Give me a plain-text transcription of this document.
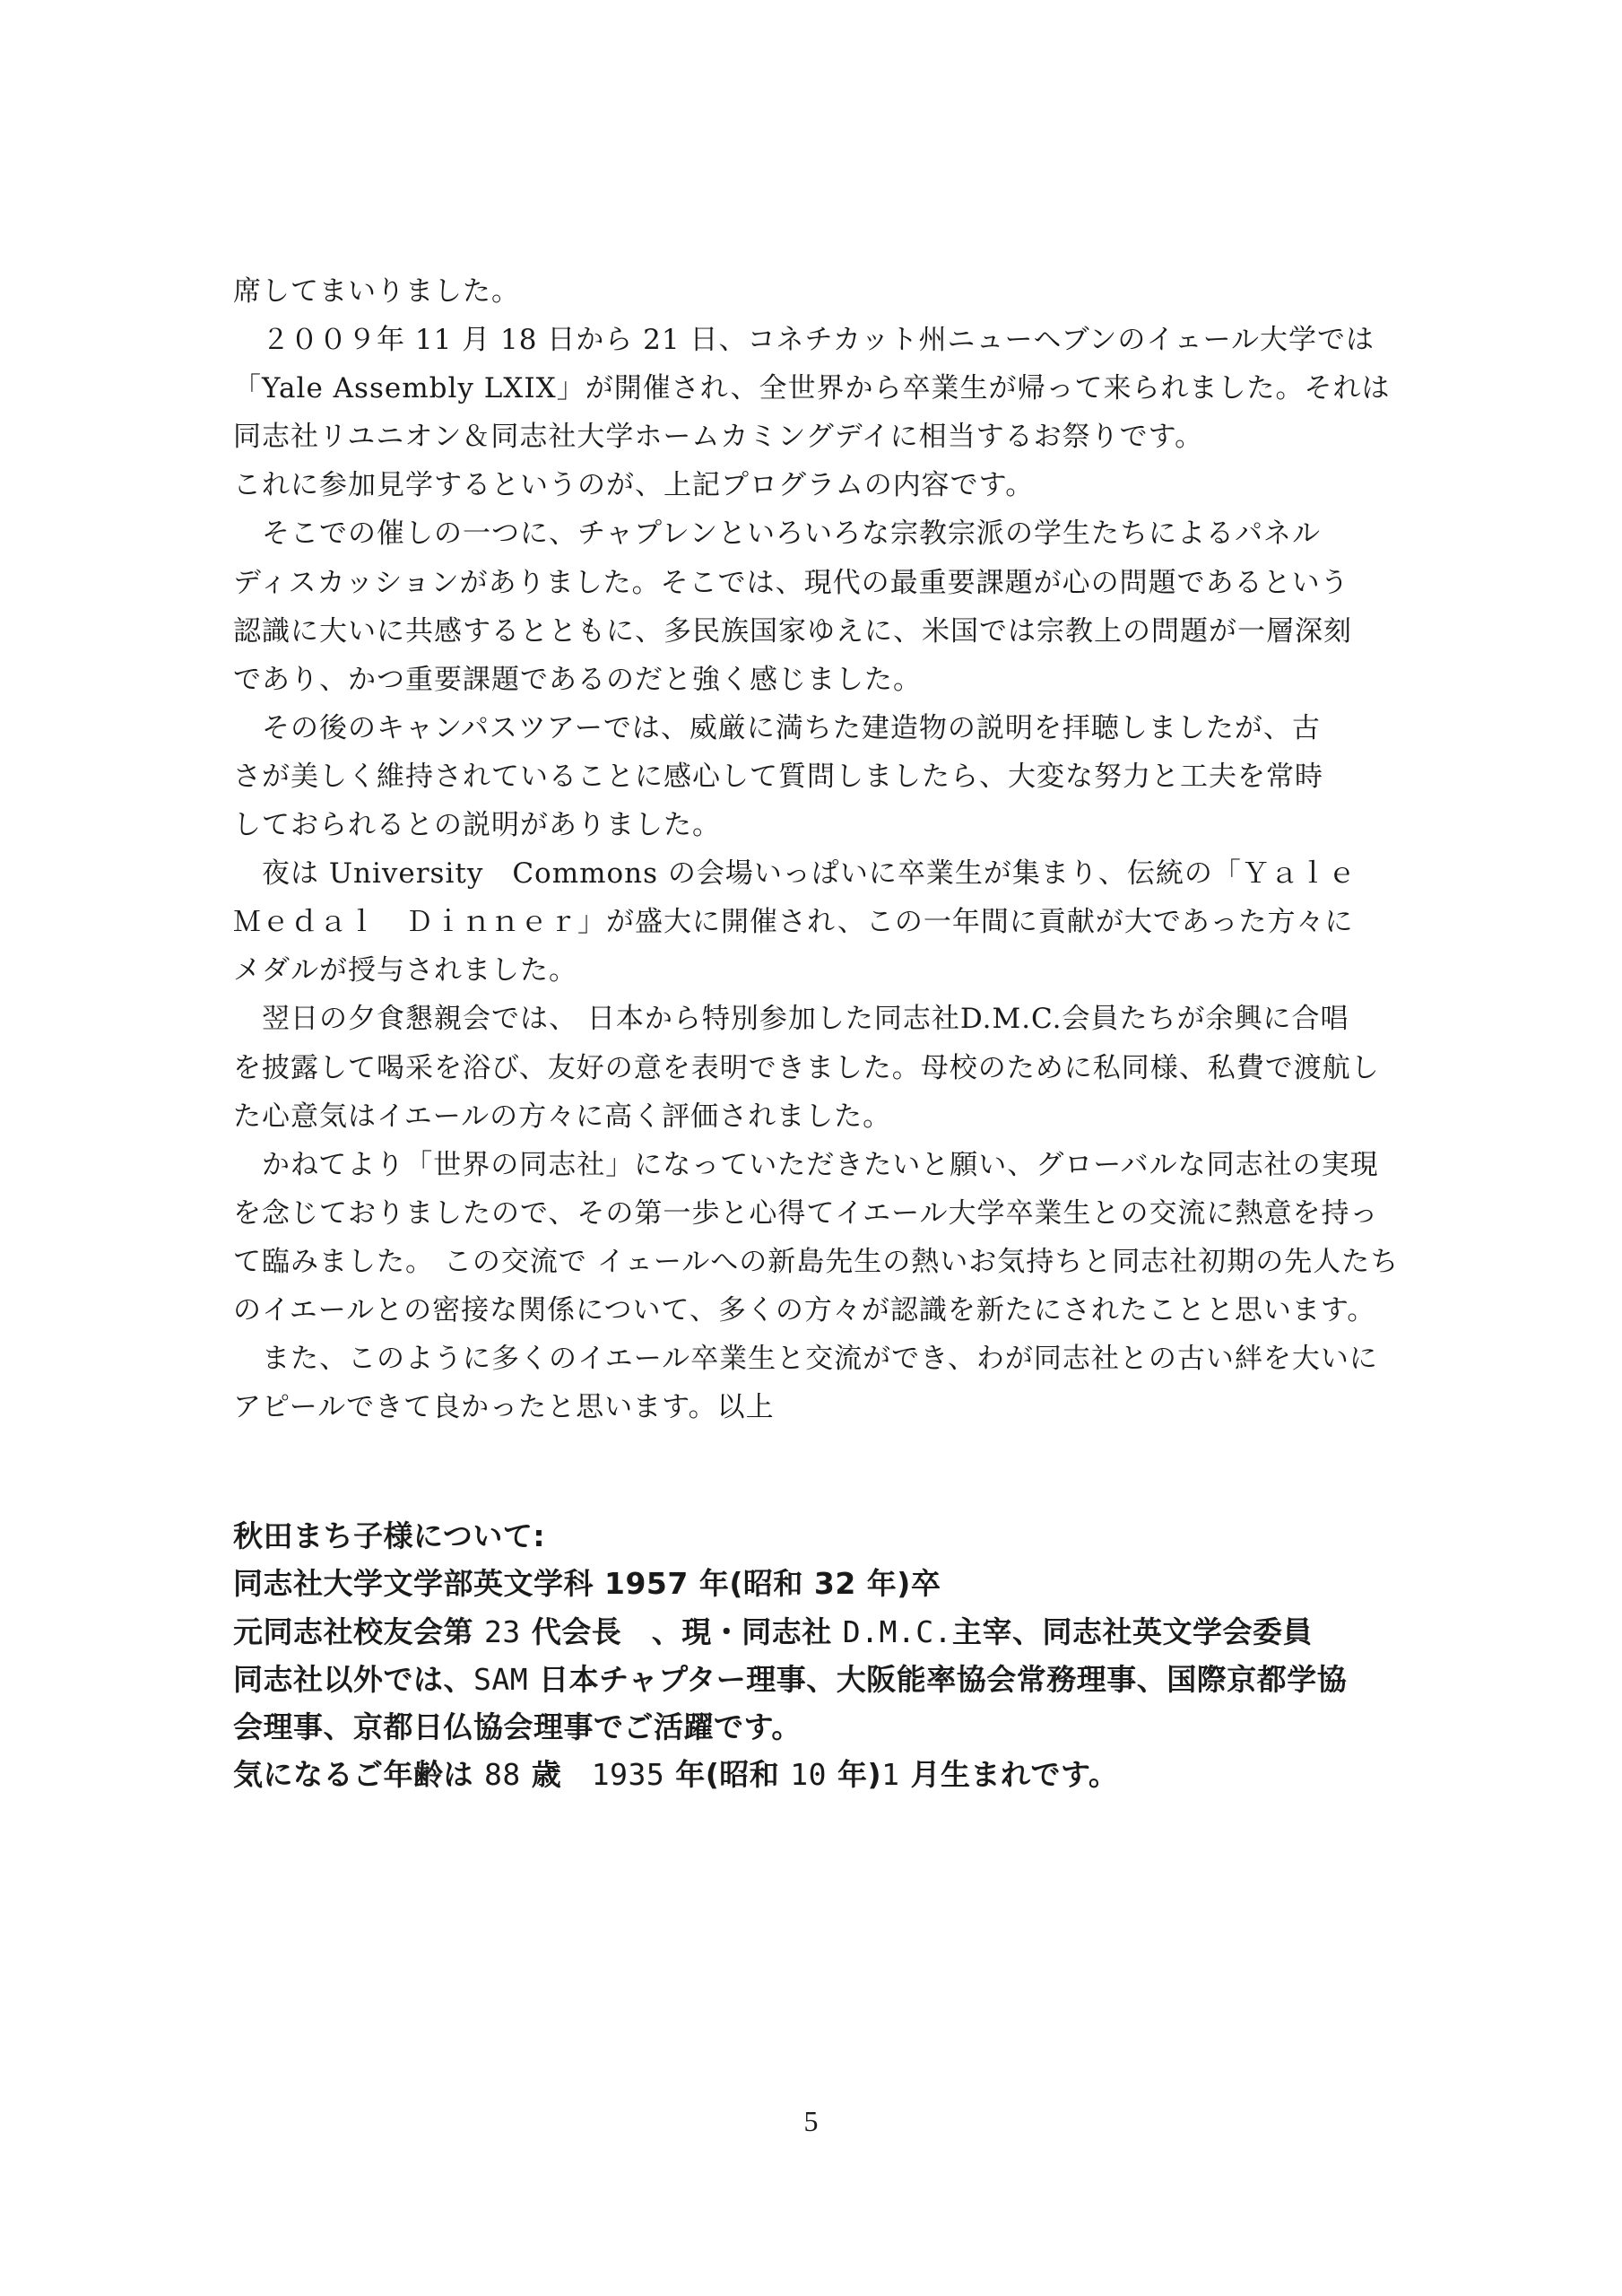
席してまいりました。
　２００９年 11 月 18 日から 21 日、コネチカット州ニューヘブンのイェール大学では
「Yale Assembly LXIX」が開催され、全世界から卒業生が帰って来られました。それは
同志社リユニオン＆同志社大学ホームカミングデイに相当するお祭りです。
これに参加見学するというのが、上記プログラムの内容です。
　そこでの催しの一つに、チャプレンといろいろな宗教宗派の学生たちによるパネル
ディスカッションがありました。そこでは、現代の最重要課題が心の問題であるという
認識に大いに共感するとともに、多民族国家ゆえに、米国では宗教上の問題が一層深刻
であり、かつ重要課題であるのだと強く感じました。
　その後のキャンパスツアーでは、威厳に満ちた建造物の説明を拝聴しましたが、古
さが美しく維持されていることに感心して質問しましたら、大変な努力と工夫を常時
しておられるとの説明がありました。
　夜は University　Commons の会場いっぱいに卒業生が集まり、伝統の「Ｙａｌｅ
Ｍｅｄａｌ　Ｄｉｎｎｅｒ」が盛大に開催され、この一年間に貢献が大であった方々に
メダルが授与されました。
　翌日の夕食懇親会では、 日本から特別参加した同志社D.M.C.会員たちが余興に合唱
を披露して喝采を浴び、友好の意を表明できました。母校のために私同様、私費で渡航し
た心意気はイエールの方々に高く評価されました。
　かねてより「世界の同志社」になっていただきたいと願い、グローバルな同志社の実現
を念じておりましたので、その第一歩と心得てイエール大学卒業生との交流に熱意を持っ
て臨みました。 この交流で イェールへの新島先生の熱いお気持ちと同志社初期の先人たち
のイエールとの密接な関係について、多くの方々が認識を新たにされたことと思います。
　また、このように多くのイエール卒業生と交流ができ、わが同志社との古い絆を大いに
アピールできて良かったと思います。以上
秋田まち子様について:
同志社大学文学部英文学科 1957 年(昭和 32 年)卒
元同志社校友会第 23 代会長　、現・同志社 D.M.C.主宰、同志社英文学会委員
同志社以外では、SAM 日本チャプター理事、大阪能率協会常務理事、国際京都学協
会理事、京都日仏協会理事でご活躍です。
気になるご年齢は 88 歳　1935 年(昭和 10 年)1 月生まれです。
5
